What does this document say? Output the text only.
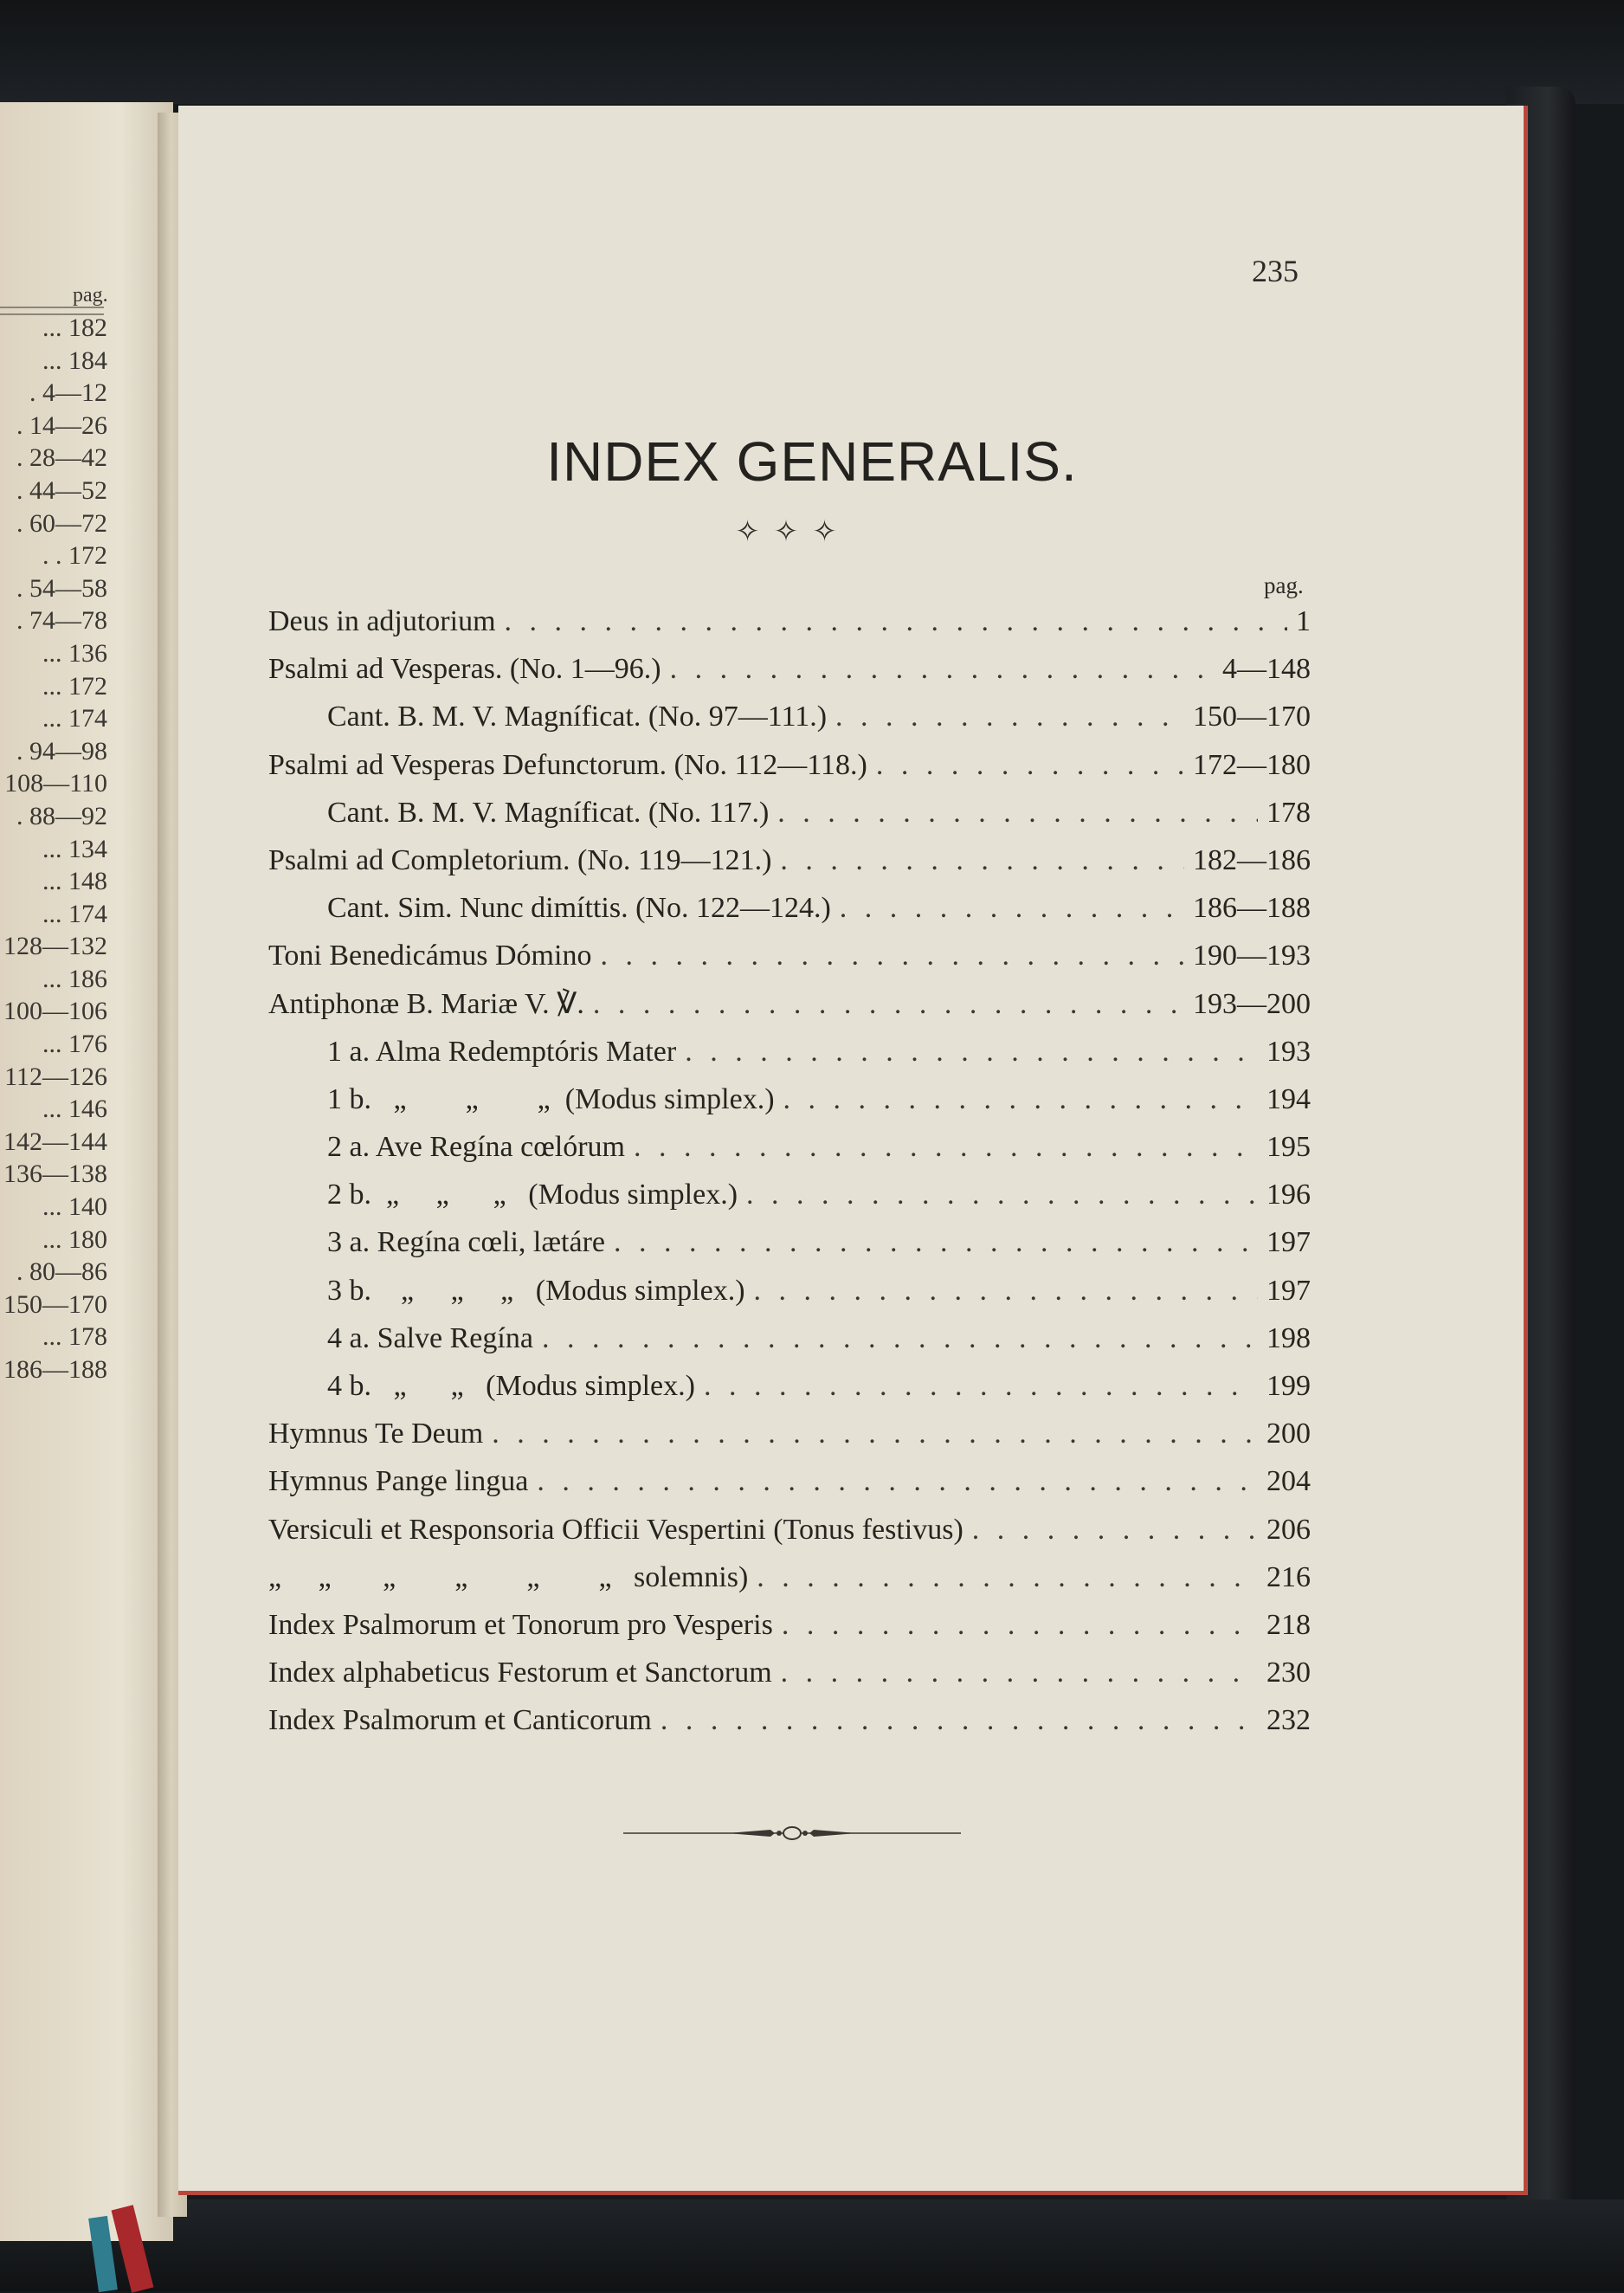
pag.
... 182
... 184
. 4—12
. 14—26
. 28—42
. 44—52
. 60—72
. . 172
. 54—58
. 74—78
... 136
... 172
... 174
. 94—98
108—110
. 88—92
... 134
... 148
... 174
128—132
... 186
100—106
... 176
112—126
... 146
142—144
136—138
... 140
... 180
. 80—86
150—170
... 178
186—188
235
INDEX GENERALIS.
✧✧✧
pag.
Deus in adjutorium . . .	1
Psalmi ad Vesperas. (No. 1—96.) . . .	4—148
Cant. B. M. V. Magníficat. (No. 97—111.) . . .	150—170
Psalmi ad Vesperas Defunctorum. (No. 112—118.) . . .	172—180
Cant. B. M. V. Magníficat. (No. 117.) . . .	178
Psalmi ad Completorium. (No. 119—121.) . . .	182—186
Cant. Sim. Nunc dimíttis. (No. 122—124.) . . .	186—188
Toni Benedicámus Dómino . . .	190—193
Antiphonæ B. Mariæ V. ℣. . . .	193—200
1 a. Alma Redemptóris Mater . . .	193
1 b.   „        „        „  (Modus simplex.) . . .	194
2 a. Ave Regína cœlórum . . .	195
2 b.  „     „      „   (Modus simplex.) . . .	196
3 a. Regína cœli, lætáre . . .	197
3 b.    „     „     „   (Modus simplex.) . . .	197
4 a. Salve Regína . . .	198
4 b.   „      „   (Modus simplex.) . . .	199
Hymnus Te Deum . . .	200
Hymnus Pange lingua . . .	204
Versiculi et Responsoria Officii Vespertini (Tonus festivus) . . .	206
„     „       „        „        „        „   solemnis) . . .	216
Index Psalmorum et Tonorum pro Vesperis . . .	218
Index alphabeticus Festorum et Sanctorum . . .	230
Index Psalmorum et Canticorum . . .	232
